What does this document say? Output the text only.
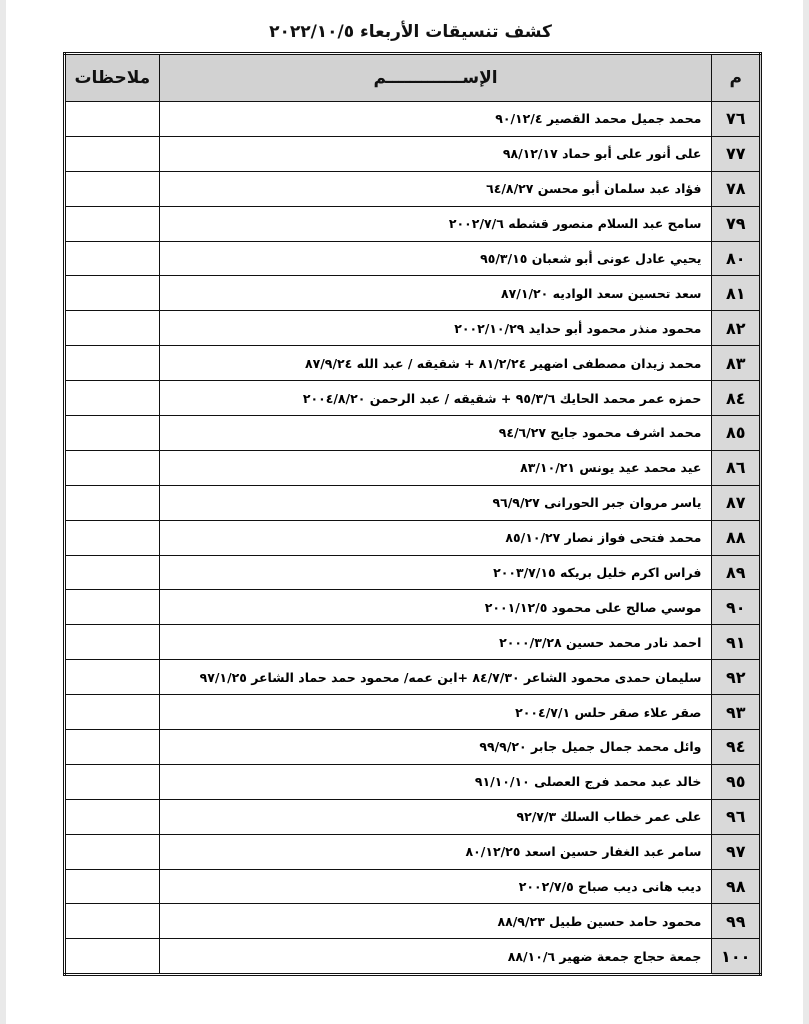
كشف تنسيقات الأربعاء ٢٠٢٢/١٠/٥
م	الإســـــــــــــم	ملاحظات
٧٦	محمد جميل محمد القصير ٩٠/١٢/٤	
٧٧	على أنور على أبو حماد ٩٨/١٢/١٧	
٧٨	فؤاد عبد سلمان أبو محسن ٦٤/٨/٢٧	
٧٩	سامح عبد السلام منصور قشطه ٢٠٠٢/٧/٦	
٨٠	يحيي عادل عونى أبو شعبان ٩٥/٣/١٥	
٨١	سعد تحسين سعد الواديه ٨٧/١/٢٠	
٨٢	محمود منذر محمود أبو حدايد ٢٠٠٢/١٠/٢٩	
٨٣	محمد زيدان مصطفى اضهير ٨١/٢/٢٤ + شقيقه / عبد الله ٨٧/٩/٢٤	
٨٤	حمزه عمر محمد الحايك ٩٥/٣/٦ + شقيقه / عبد الرحمن ٢٠٠٤/٨/٢٠	
٨٥	محمد اشرف محمود جايح ٩٤/٦/٢٧	
٨٦	عيد محمد عيد يونس ٨٣/١٠/٢١	
٨٧	ياسر مروان جبر الحورانى ٩٦/٩/٢٧	
٨٨	محمد فتحى فواز نصار ٨٥/١٠/٢٧	
٨٩	فراس اكرم خليل بريكه ٢٠٠٣/٧/١٥	
٩٠	موسي صالح على محمود ٢٠٠١/١٢/٥	
٩١	احمد نادر محمد حسين ٢٠٠٠/٣/٢٨	
٩٢	سليمان حمدى محمود الشاعر ٨٤/٧/٣٠ +ابن عمه/ محمود حمد حماد الشاعر ٩٧/١/٢٥	
٩٣	صقر علاء صقر حلس ٢٠٠٤/٧/١	
٩٤	وائل محمد جمال جميل جابر ٩٩/٩/٢٠	
٩٥	خالد عبد محمد فرج العصلى ٩١/١٠/١٠	
٩٦	على عمر خطاب السلك ٩٢/٧/٣	
٩٧	سامر عبد الغفار حسين اسعد ٨٠/١٢/٢٥	
٩٨	ديب هانى ديب صباح ٢٠٠٢/٧/٥	
٩٩	محمود حامد حسين طبيل ٨٨/٩/٢٣	
١٠٠	جمعة حجاج جمعة ضهير ٨٨/١٠/٦	
